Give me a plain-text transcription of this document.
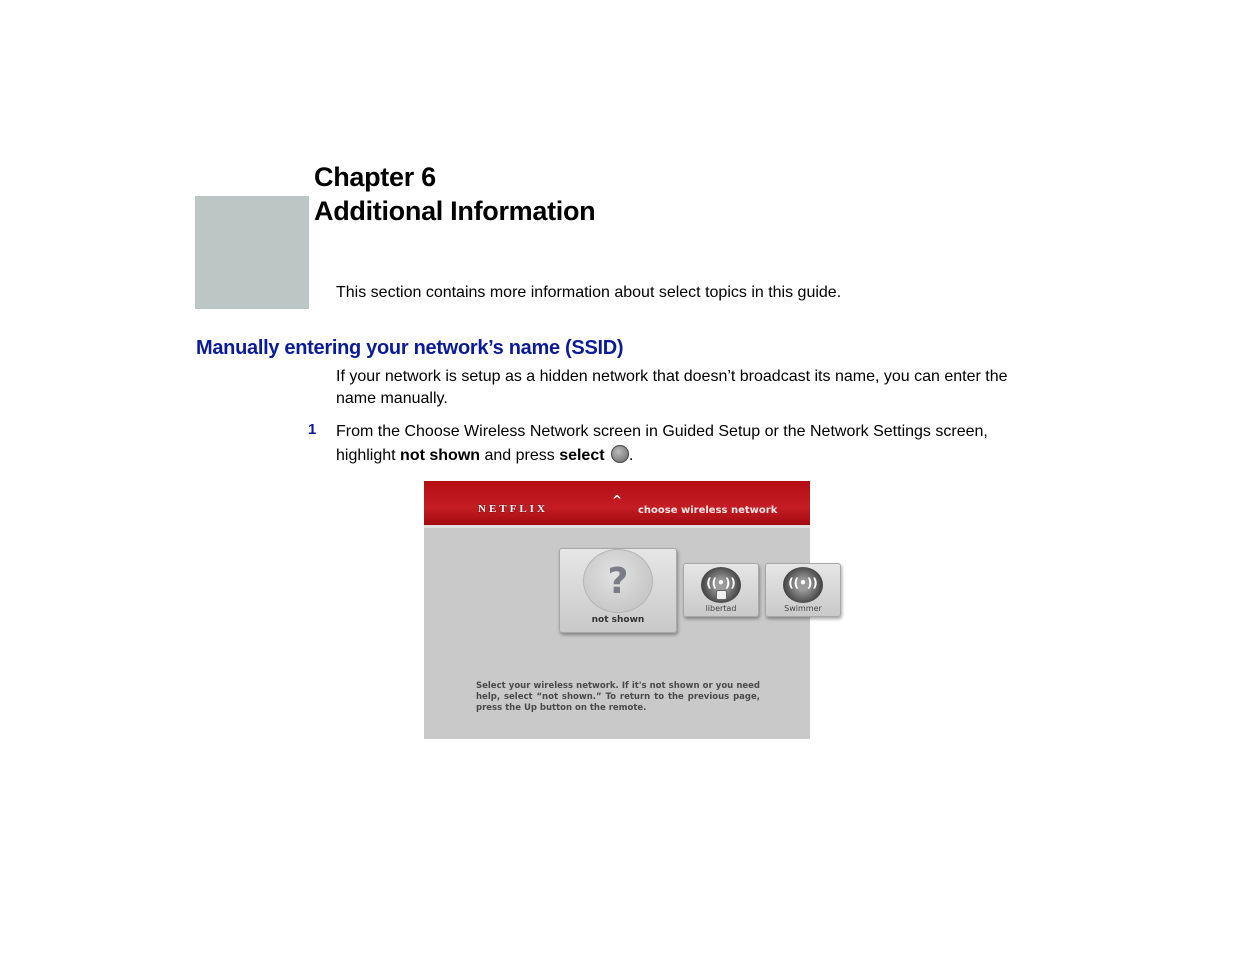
Chapter 6
Additional Information

This section contains more information about select topics in this guide.

Manually entering your network’s name (SSID)

If your network is setup as a hidden network that doesn’t broadcast its name, you can enter the name manually.

1 From the Choose Wireless Network screen in Guided Setup or the Network Settings screen, highlight not shown and press select .

NETFLIX
^
choose wireless network
?
not shown
((•))
libertad
((•))
Swimmer

Select your wireless network. If it's not shown or you need help, select “not shown.” To return to the previous page, press the Up button on the remote.
